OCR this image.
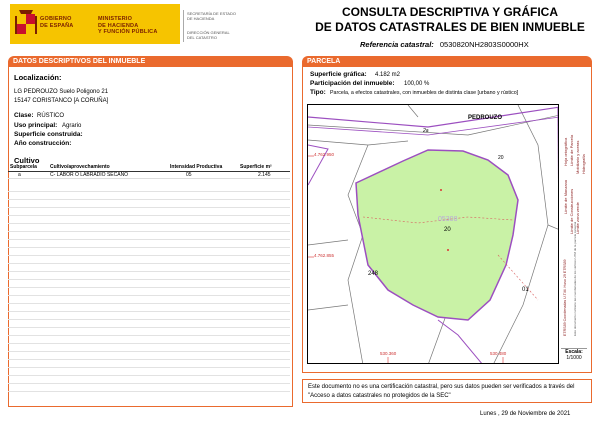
GOBIERNO
DE ESPAÑA
MINISTERIO
DE HACIENDA
Y FUNCIÓN PÚBLICA
SECRETARÍA DE ESTADO
DE HACIENDA
DIRECCIÓN GENERAL
DEL CATASTRO
CONSULTA DESCRIPTIVA Y GRÁFICA
DE DATOS CATASTRALES DE BIEN INMUEBLE
Referencia catastral: 0530820NH2803S0000HX
DATOS DESCRIPTIVOS DEL INMUEBLE
Localización:
LG PEDROUZO Suelo Poligono 21
15147 CORISTANCO [A CORUÑA]
Clase: RÚSTICO
Uso principal: Agrario
Superficie construida:
Año construcción:
Cultivo
Subparcela	Cultivo/aprovechamiento	Intensidad Productiva	Superficie m²
a	C- LABOR O LABRADÍO SECANO	05	2.145
PARCELA
Superficie gráfica: 4.182 m2
Participación del inmueble: 100,00 %
Tipo: Parcela, a efectos catastrales, con inmuebles de distinta clase [urbano y rústico]
PEDROUZO
2a
20
05308
20
248
01
4.762.950
4.762.855
530.360	530.480
Hoja ortográfica
Límite de Manzana
Límite de Parcela
Límite de Construcciones
Mobiliario y aceras
Límite zona verde
Hidrografía
ETRS89 Coordenadas U.T.M. Huso 29 ETRS89 Este documento contiene las coordenadas de los vértices UTM de la parcela catastral
Escala:
1/1000
Este documento no es una certificación catastral, pero sus datos pueden ser verificados a través del "Acceso a datos catastrales no protegidos de la SEC"
Lunes , 29 de Noviembre de 2021
